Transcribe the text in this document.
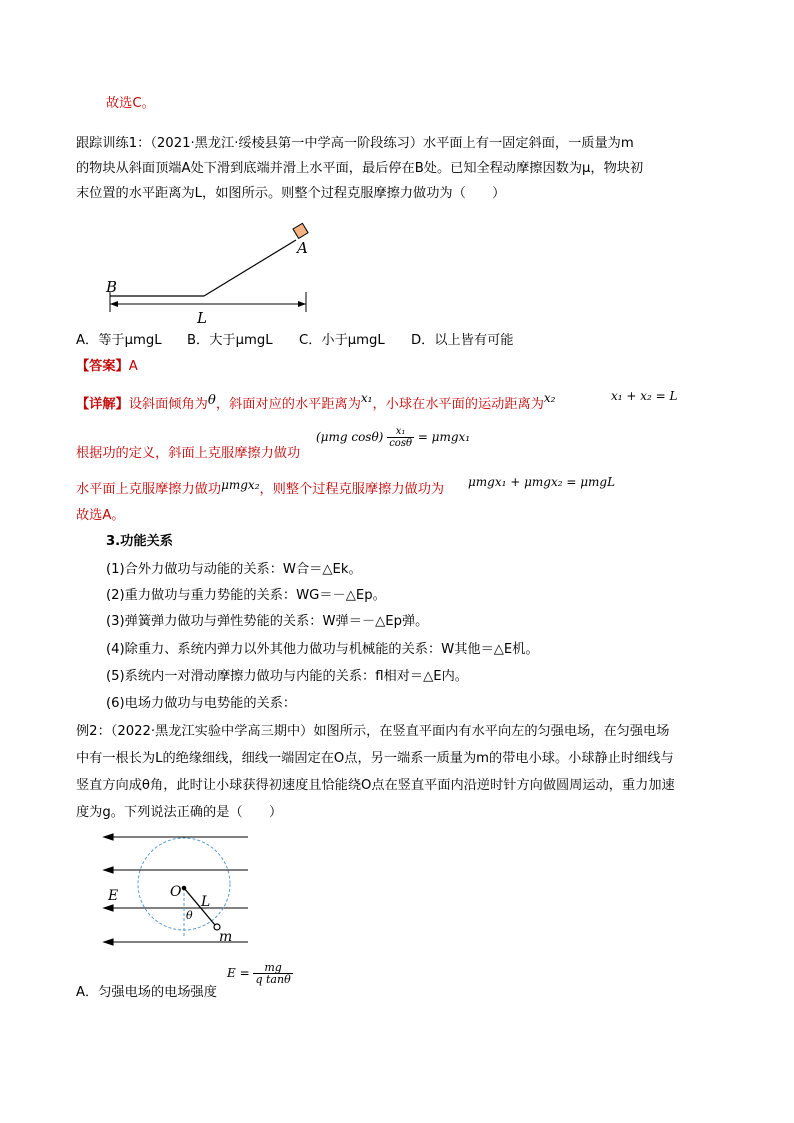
故选C。
跟踪训练1：（2021·黑龙江·绥棱县第一中学高一阶段练习）水平面上有一固定斜面，一质量为m
的物块从斜面顶端A处下滑到底端并滑上水平面，最后停在B处。已知全程动摩擦因数为μ，物块初
末位置的水平距离为L，如图所示。则整个过程克服摩擦力做功为（　　）
A
B
L
A．等于μmgL B．大于μmgL C．小于μmgL D．以上皆有可能
【答案】A
【详解】设斜面倾角为θ，斜面对应的水平距离为x₁，小球在水平面的运动距离为x₂	x₁ + x₂ = L
根据功的定义，斜面上克服摩擦力做功
(μmg $\cos\theta) \frac{\text{x₁}}{\cos\theta} = \mu mgx_1$
水平面上克服摩擦力做功μmgx₂，则整个过程克服摩擦力做功为 μmgx₁ + μmgx₂ = μmgL
故选A。
3.功能关系
(1)合外力做功与动能的关系：W合＝△Ek。
(2)重力做功与重力势能的关系：WG＝－△Ep。
(3)弹簧弹力做功与弹性势能的关系：W弹＝－△Ep弹。
(4)除重力、系统内弹力以外其他力做功与机械能的关系：W其他＝△E机。
(5)系统内一对滑动摩擦力做功与内能的关系：fl相对＝△E内。
(6)电场力做功与电势能的关系：
例2：（2022·黑龙江实验中学高三期中）如图所示，在竖直平面内有水平向左的匀强电场，在匀强电场
中有一根长为L的绝缘细线，细线一端固定在O点，另一端系一质量为m的带电小球。小球静止时细线与
竖直方向成θ角，此时让小球获得初速度且恰能绕O点在竖直平面内沿逆时针方向做圆周运动，重力加速
度为g。下列说法正确的是（　　）
E	O
L
θ
m
A．匀强电场的电场强度
$E = \frac{mg}{\text{q tanθ}}$
